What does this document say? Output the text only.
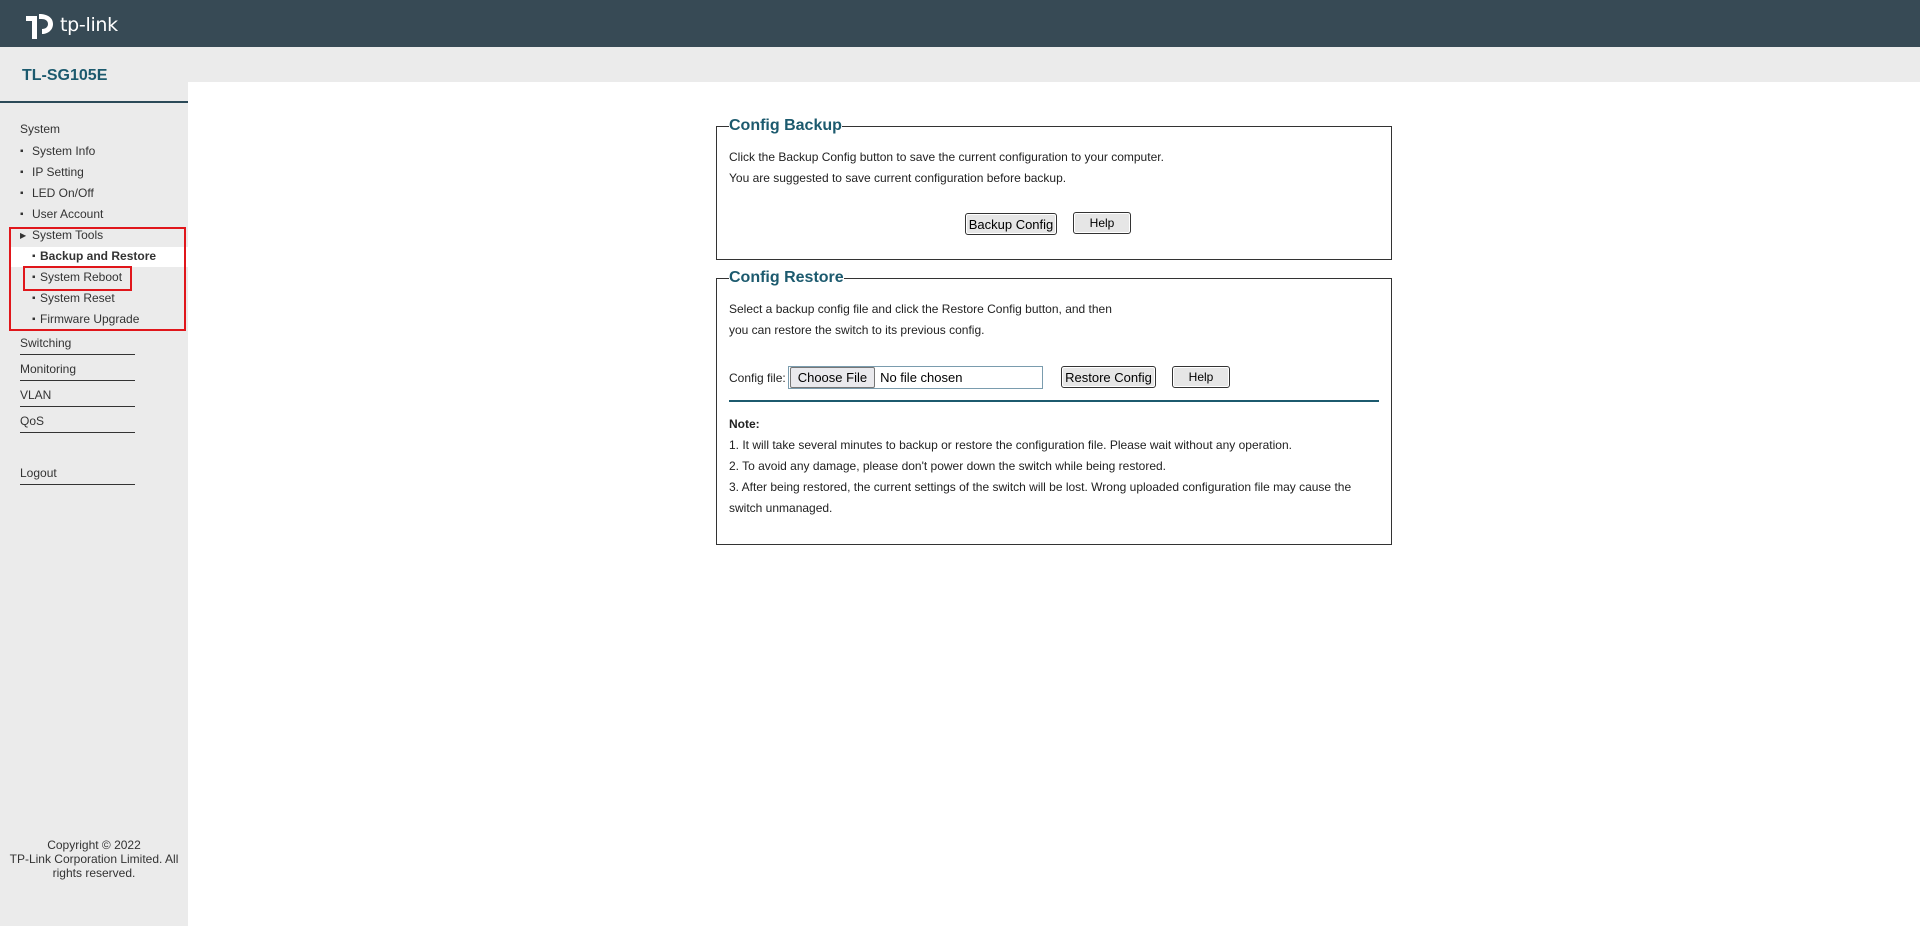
tp-link
TL-SG105E
System
▪ System Info
▪ IP Setting
▪ LED On/Off
▪ User Account
▶ System Tools
▪ Backup and Restore
▪ System Reboot
▪ System Reset
▪ Firmware Upgrade
Switching
Monitoring
VLAN
QoS
Logout
Copyright © 2022
TP-Link Corporation Limited. All
rights reserved.
Config Backup
Click the Backup Config button to save the current configuration to your computer.
You are suggested to save current configuration before backup.
Backup Config	Help
Config Restore
Select a backup config file and click the Restore Config button, and then
you can restore the switch to its previous config.
Config file: Choose File	No file chosen	Restore Config	Help
Note:
1. It will take several minutes to backup or restore the configuration file. Please wait without any operation.
2. To avoid any damage, please don't power down the switch while being restored.
3. After being restored, the current settings of the switch will be lost. Wrong uploaded configuration file may cause the
switch unmanaged.
